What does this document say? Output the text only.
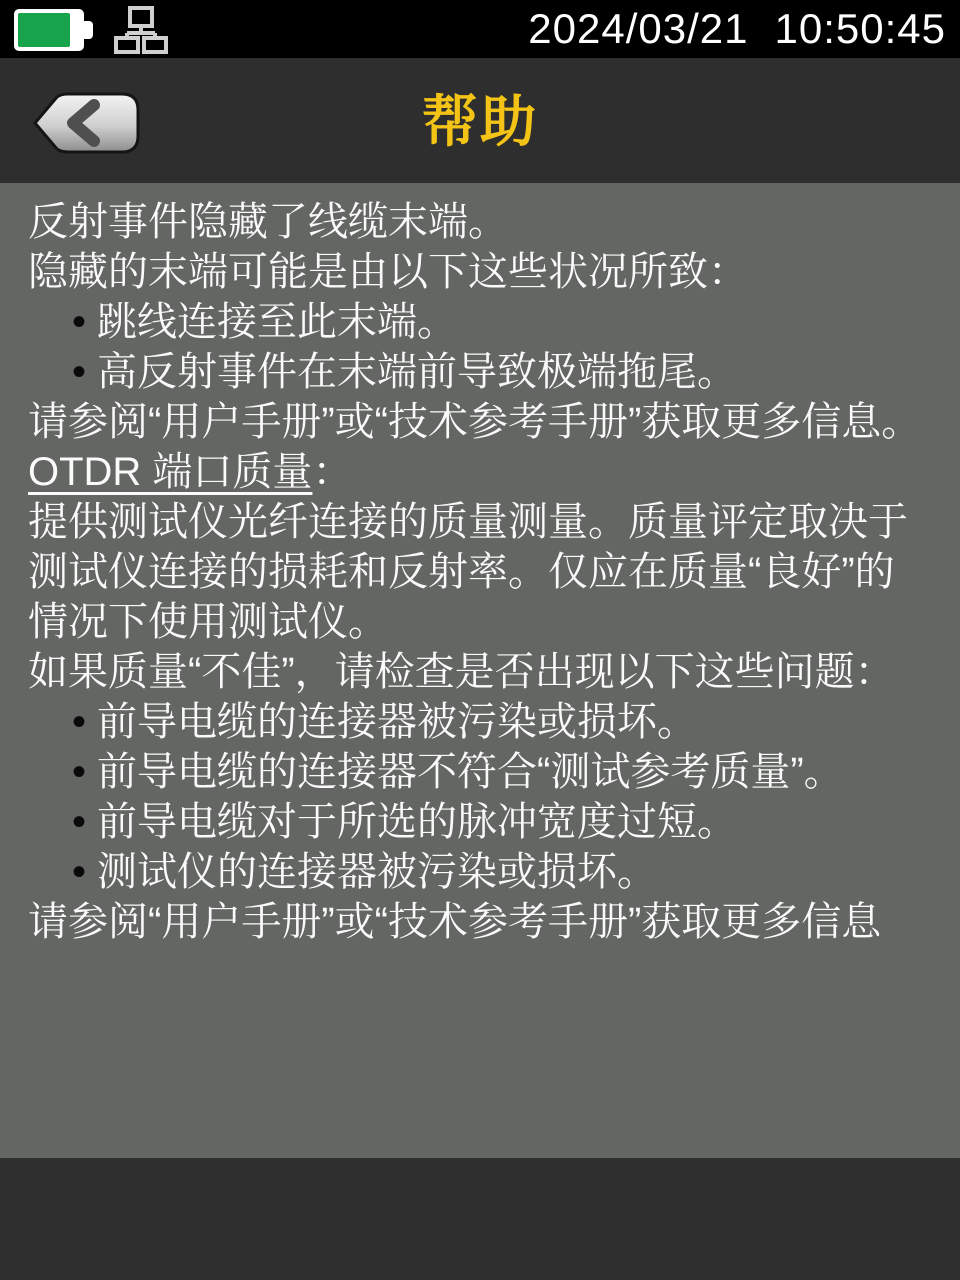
2024/03/21 10:50:45
帮助

反射事件隐藏了线缆末端。

隐藏的末端可能是由以下这些状况所致：

• 跳线连接至此末端。
• 高反射事件在末端前导致极端拖尾。

请参阅“用户手册”或“技术参考手册”获取更多信息。

OTDR 端口质量：

提供测试仪光纤连接的质量测量。质量评定取决于测试仪连接的损耗和反射率。仅应在质量“良好”的情况下使用测试仪。

如果质量“不佳”，请检查是否出现以下这些问题：

• 前导电缆的连接器被污染或损坏。
• 前导电缆的连接器不符合“测试参考质量”。
• 前导电缆对于所选的脉冲宽度过短。
• 测试仪的连接器被污染或损坏。

请参阅“用户手册”或“技术参考手册”获取更多信息
